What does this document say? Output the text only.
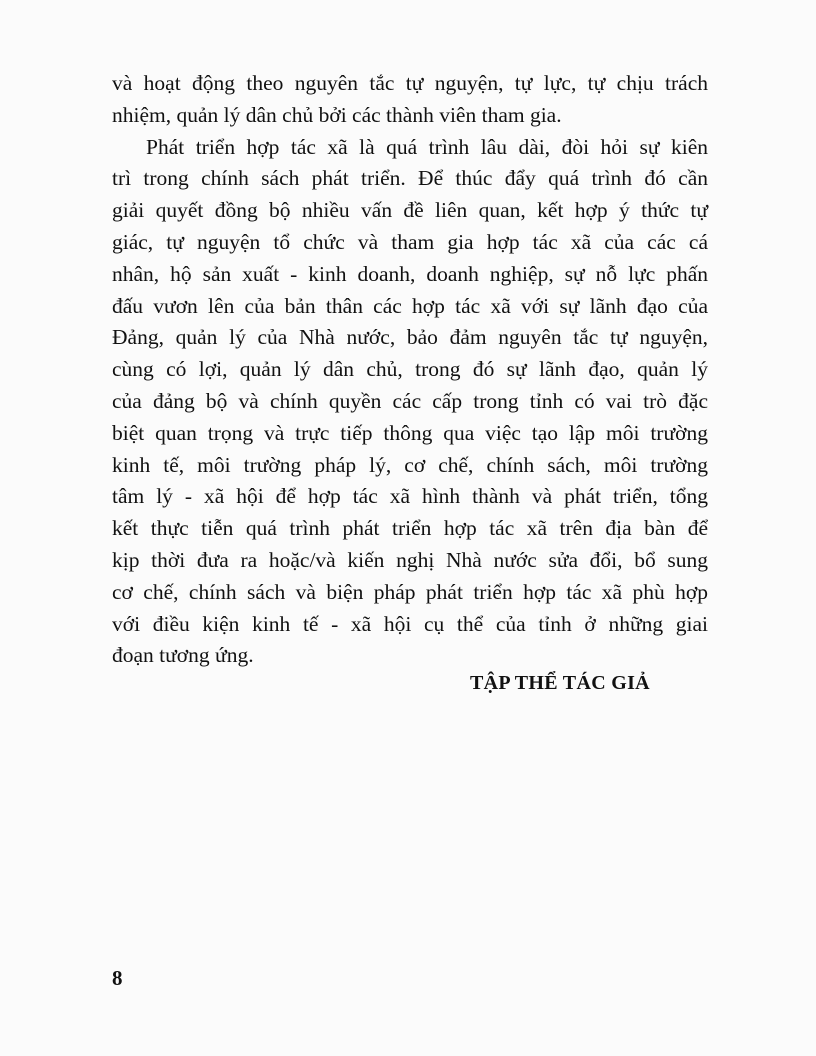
và hoạt động theo nguyên tắc tự nguyện, tự lực, tự chịu trách
nhiệm, quản lý dân chủ bởi các thành viên tham gia.
Phát triển hợp tác xã là quá trình lâu dài, đòi hỏi sự kiên
trì trong chính sách phát triển. Để thúc đẩy quá trình đó cần
giải quyết đồng bộ nhiều vấn đề liên quan, kết hợp ý thức tự
giác, tự nguyện tổ chức và tham gia hợp tác xã của các cá
nhân, hộ sản xuất - kinh doanh, doanh nghiệp, sự nỗ lực phấn
đấu vươn lên của bản thân các hợp tác xã với sự lãnh đạo của
Đảng, quản lý của Nhà nước, bảo đảm nguyên tắc tự nguyện,
cùng có lợi, quản lý dân chủ, trong đó sự lãnh đạo, quản lý
của đảng bộ và chính quyền các cấp trong tỉnh có vai trò đặc
biệt quan trọng và trực tiếp thông qua việc tạo lập môi trường
kinh tế, môi trường pháp lý, cơ chế, chính sách, môi trường
tâm lý - xã hội để hợp tác xã hình thành và phát triển, tổng
kết thực tiễn quá trình phát triển hợp tác xã trên địa bàn để
kịp thời đưa ra hoặc/và kiến nghị Nhà nước sửa đổi, bổ sung
cơ chế, chính sách và biện pháp phát triển hợp tác xã phù hợp
với điều kiện kinh tế - xã hội cụ thể của tỉnh ở những giai
đoạn tương ứng.
TẬP THỂ TÁC GIẢ
8
